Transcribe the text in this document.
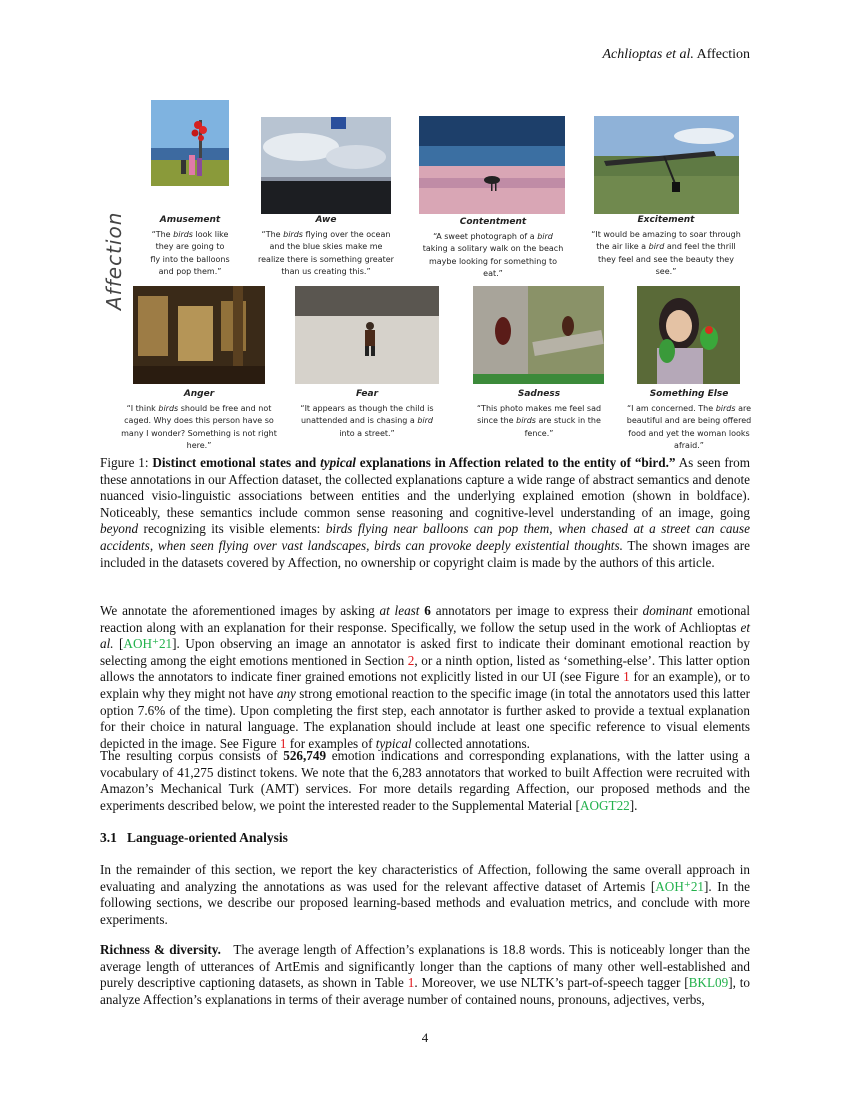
Achlioptas et al. Affection
Affection	Amusement
“The birds look like they are going to fly into the balloons and pop them.”
Awe
“The birds flying over the ocean and the blue skies make me realize there is something greater than us creating this.”
Contentment
“A sweet photograph of a bird taking a solitary walk on the beach maybe looking for something to eat.”
Excitement
“It would be amazing to soar through the air like a bird and feel the thrill they feel and see the beauty they see.”
Anger
“I think birds should be free and not caged. Why does this person have so many I wonder? Something is not right here.”
Fear
“It appears as though the child is unattended and is chasing a bird into a street.”
Sadness
“This photo makes me feel sad since the birds are stuck in the fence.”
Something Else
“I am concerned. The birds are beautiful and are being offered food and yet the woman looks afraid.”
Figure 1: Distinct emotional states and typical explanations in Affection related to the entity of “bird.” As seen from these annotations in our Affection dataset, the collected explanations capture a wide range of abstract semantics and denote nuanced visio-linguistic associations between entities and the underlying explained emotion (shown in boldface). Noticeably, these semantics include common sense reasoning and cognitive-level understanding of an image, going beyond recognizing its visible elements: birds flying near balloons can pop them, when chased at a street can cause accidents, when seen flying over vast landscapes, birds can provoke deeply existential thoughts. The shown images are included in the datasets covered by Affection, no ownership or copyright claim is made by the authors of this article.
We annotate the aforementioned images by asking at least 6 annotators per image to express their dominant emotional reaction along with an explanation for their response. Specifically, we follow the setup used in the work of Achlioptas et al. [AOH⁺21]. Upon observing an image an annotator is asked first to indicate their dominant emotional reaction by selecting among the eight emotions mentioned in Section 2, or a ninth option, listed as ‘something-else’. This latter option allows the annotators to indicate finer grained emotions not explicitly listed in our UI (see Figure 1 for an example), or to explain why they might not have any strong emotional reaction to the specific image (in total the annotators used this latter option 7.6% of the time). Upon completing the first step, each annotator is further asked to provide a textual explanation for their choice in natural language. The explanation should include at least one specific reference to visual elements depicted in the image. See Figure 1 for examples of typical collected annotations.
The resulting corpus consists of 526,749 emotion indications and corresponding explanations, with the latter using a vocabulary of 41,275 distinct tokens. We note that the 6,283 annotators that worked to built Affection were recruited with Amazon’s Mechanical Turk (AMT) services. For more details regarding Affection, our proposed methods and the experiments described below, we point the interested reader to the Supplemental Material [AOGT22].
3.1   Language-oriented Analysis
In the remainder of this section, we report the key characteristics of Affection, following the same overall approach in evaluating and analyzing the annotations as was used for the relevant affective dataset of Artemis [AOH⁺21]. In the following sections, we describe our proposed learning-based methods and evaluation metrics, and conclude with more experiments.
Richness & diversity.   The average length of Affection’s explanations is 18.8 words. This is noticeably longer than the average length of utterances of ArtEmis and significantly longer than the captions of many other well-established and purely descriptive captioning datasets, as shown in Table 1. Moreover, we use NLTK’s part-of-speech tagger [BKL09], to analyze Affection’s explanations in terms of their average number of contained nouns, pronouns, adjectives, verbs,
4
